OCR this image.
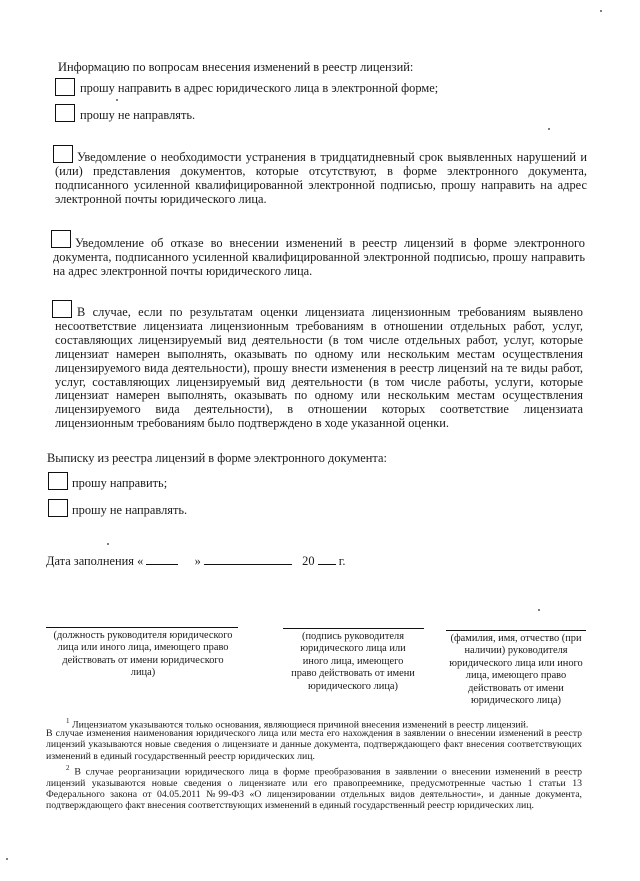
Информацию по вопросам внесения изменений в реестр лицензий:
прошу направить в адрес юридического лица в электронной форме;
прошу не направлять.
Уведомление о необходимости устранения в тридцатидневный срок выявленных нарушений и (или) представления документов, которые отсутствуют, в форме электронного документа, подписанного усиленной квалифицированной электронной подписью, прошу направить на адрес электронной почты юридического лица.
Уведомление об отказе во внесении изменений в реестр лицензий в форме электронного документа, подписанного усиленной квалифицированной электронной подписью, прошу направить на адрес электронной почты юридического лица.
В случае, если по результатам оценки лицензиата лицензионным требованиям выявлено несоответствие лицензиата лицензионным требованиям в отношении отдельных работ, услуг, составляющих лицензируемый вид деятельности (в том числе отдельных работ, услуг, которые лицензиат намерен выполнять, оказывать по одному или нескольким местам осуществления лицензируемого вида деятельности), прошу внести изменения в реестр лицензий на те виды работ, услуг, составляющих лицензируемый вид деятельности (в том числе работы, услуги, которые лицензиат намерен выполнять, оказывать по одному или нескольким местам осуществления лицензируемого вида деятельности), в отношении которых соответствие лицензиата лицензионным требованиям было подтверждено в ходе указанной оценки.
Выписку из реестра лицензий в форме электронного документа:
прошу направить;
прошу не направлять.
Дата заполнения «	»	20 г.
(должность руководителя юридического лица или иного лица, имеющего право действовать от имени юридического лица)
(подпись руководителя юридического лица или иного лица, имеющего право действовать от имени юридического лица)
(фамилия, имя, отчество (при наличии) руководителя юридического лица или иного лица, имеющего право действовать от имени юридического лица)
$^1$ Лицензиатом указываются только основания, являющиеся причиной внесения изменений в реестр лицензий.
В случае изменения наименования юридического лица или места его нахождения в заявлении о внесении изменений в реестр лицензий указываются новые сведения о лицензиате и данные документа, подтверждающего факт внесения соответствующих изменений в единый государственный реестр юридических лиц.
$^2$ В случае реорганизации юридического лица в форме преобразования в заявлении о внесении изменений в реестр лицензий указываются новые сведения о лицензиате или его правопреемнике, предусмотренные частью 1 статьи 13 Федерального закона от 04.05.2011 №99-ФЗ «О лицензировании отдельных видов деятельности», и данные документа, подтверждающего факт внесения соответствующих изменений в единый государственный реестр юридических лиц.
